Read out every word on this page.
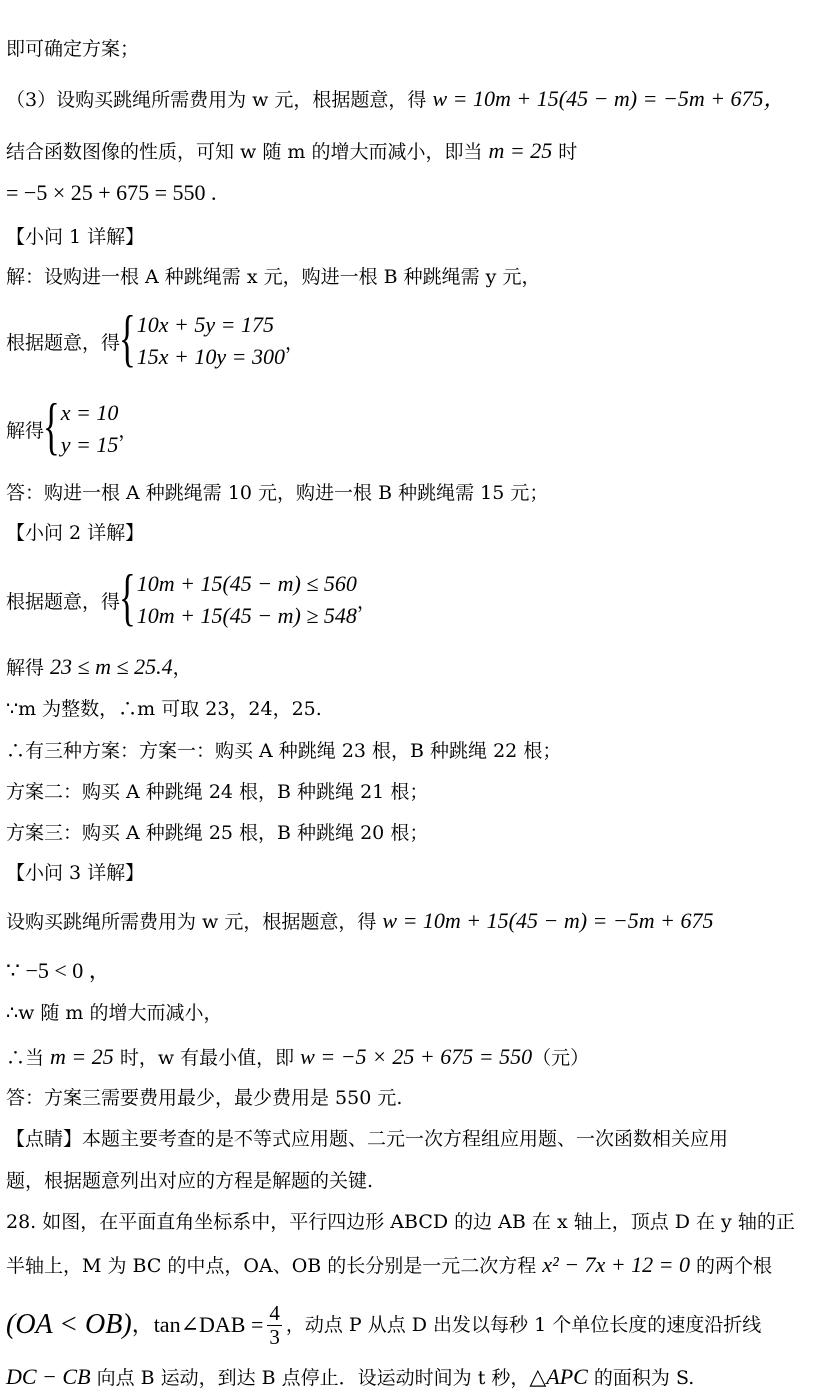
即可确定方案；
（3）设购买跳绳所需费用为 w 元，根据题意，得 w = 10m + 15(45 − m) = −5m + 675，
结合函数图像的性质，可知 w 随 m 的增大而减小，即当 m = 25 时
= −5 × 25 + 675 = 550 .
【小问 1 详解】
解：设购进一根 A 种跳绳需 x 元，购进一根 B 种跳绳需 y 元，
根据题意，得
{ 10x + 5y = 175
15x + 10y = 300
，
解得
{ x = 10
y = 15
，
答：购进一根 A 种跳绳需 10 元，购进一根 B 种跳绳需 15 元；
【小问 2 详解】
根据题意，得
{ 10m + 15(45 − m) ≤ 560
10m + 15(45 − m) ≥ 548
，
解得 23 ≤ m ≤ 25.4，
∵m 为整数，∴m 可取 23，24，25.
∴有三种方案：方案一：购买 A 种跳绳 23 根，B 种跳绳 22 根；
方案二：购买 A 种跳绳 24 根，B 种跳绳 21 根；
方案三：购买 A 种跳绳 25 根，B 种跳绳 20 根；
【小问 3 详解】
设购买跳绳所需费用为 w 元，根据题意，得 w = 10m + 15(45 − m) = −5m + 675
∵ −5 < 0 ，
∴w 随 m 的增大而减小，
∴当 m = 25 时，w 有最小值，即 w = −5 × 25 + 675 = 550（元）
答：方案三需要费用最少，最少费用是 550 元.
【点睛】本题主要考查的是不等式应用题、二元一次方程组应用题、一次函数相关应用
题，根据题意列出对应的方程是解题的关键.
28. 如图，在平面直角坐标系中，平行四边形 ABCD 的边 AB 在 x 轴上，顶点 D 在 y 轴的正
半轴上，M 为 BC 的中点，OA、OB 的长分别是一元二次方程 x² − 7x + 12 = 0 的两个根
(OA < OB) ，tan∠DAB = $\frac{4}{3}$ ，动点 P 从点 D 出发以每秒 1 个单位长度的速度沿折线
DC − CB 向点 B 运动，到达 B 点停止．设运动时间为 t 秒，△APC 的面积为 S.
